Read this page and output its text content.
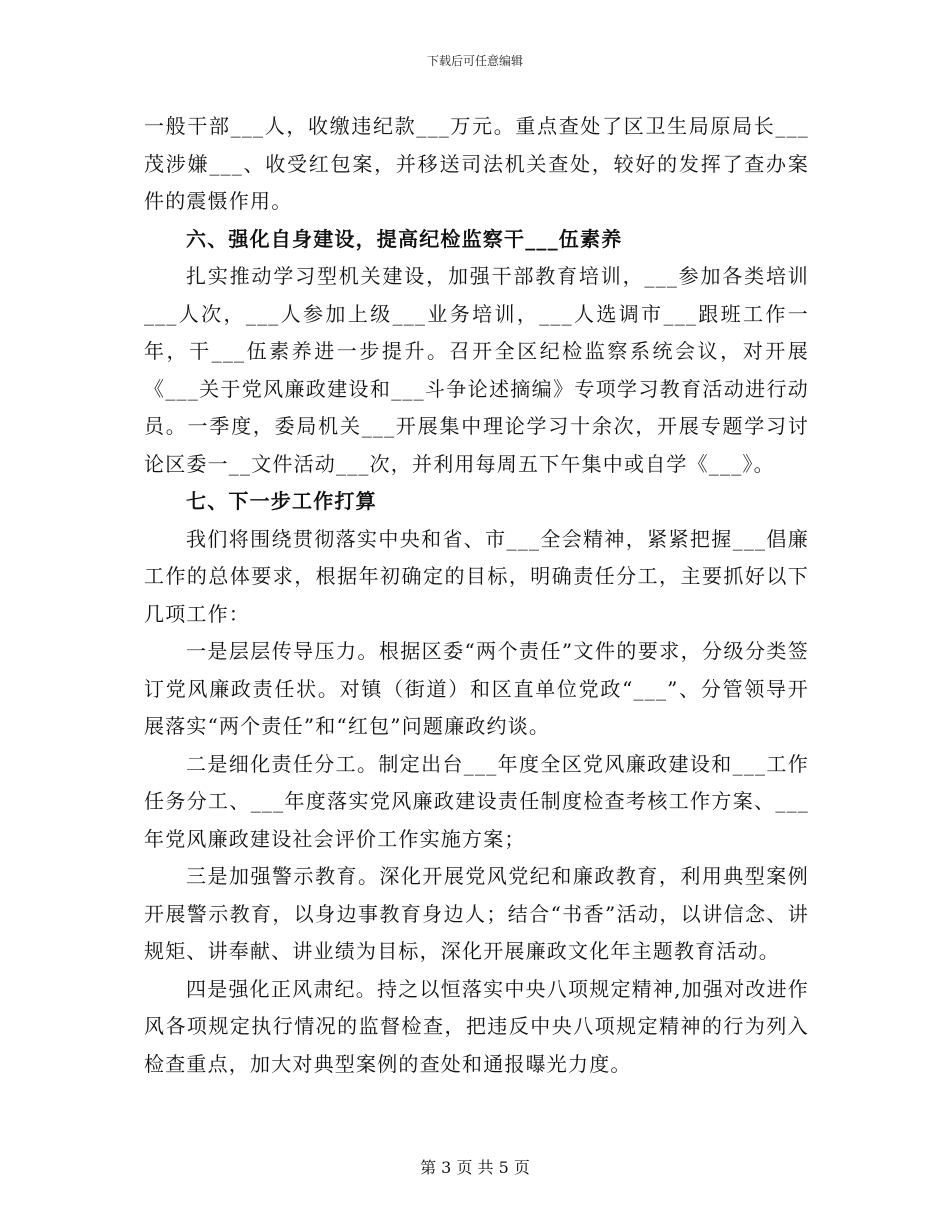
下载后可任意编辑

一般干部___人，收缴违纪款___万元。重点查处了区卫生局原局长___茂涉嫌___、收受红包案，并移送司法机关查处，较好的发挥了查办案件的震慑作用。

六、强化自身建设，提高纪检监察干___伍素养

扎实推动学习型机关建设，加强干部教育培训，___参加各类培训___人次，___人参加上级___业务培训，___人选调市___跟班工作一年，干___伍素养进一步提升。召开全区纪检监察系统会议，对开展《___关于党风廉政建设和___斗争论述摘编》专项学习教育活动进行动员。一季度，委局机关___开展集中理论学习十余次，开展专题学习讨论区委一__文件活动___次，并利用每周五下午集中或自学《___》。

七、下一步工作打算

我们将围绕贯彻落实中央和省、市___全会精神，紧紧把握___倡廉工作的总体要求，根据年初确定的目标，明确责任分工，主要抓好以下几项工作：

一是层层传导压力。根据区委“两个责任”文件的要求，分级分类签订党风廉政责任状。对镇（街道）和区直单位党政“___”、分管领导开展落实“两个责任”和“红包”问题廉政约谈。

二是细化责任分工。制定出台___年度全区党风廉政建设和___工作任务分工、___年度落实党风廉政建设责任制度检查考核工作方案、___年党风廉政建设社会评价工作实施方案；

三是加强警示教育。深化开展党风党纪和廉政教育，利用典型案例开展警示教育，以身边事教育身边人；结合“书香”活动，以讲信念、讲规矩、讲奉献、讲业绩为目标，深化开展廉政文化年主题教育活动。

四是强化正风肃纪。持之以恒落实中央八项规定精神,加强对改进作风各项规定执行情况的监督检查，把违反中央八项规定精神的行为列入检查重点，加大对典型案例的查处和通报曝光力度。

第 3 页 共 5 页
